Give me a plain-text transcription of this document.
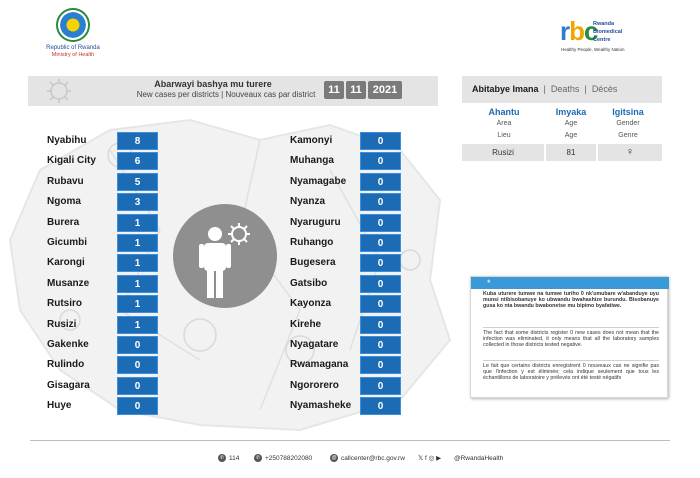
Republic of Rwanda
Ministry of Health
rbc
Rwanda
Biomedical
Centre
Healthy People, Wealthy Nation
Abarwayi bashya mu turere
New cases per districts | Nouveaux cas par district	11 11 2021	Abitabye Imana | Deaths | Décès
Ahantu
Area
Lieu
Imyaka
Age
Age
Igitsina
Gender
Genre
Rusizi	81	♀
Nyabihu	8
Kigali City	6
Rubavu	5
Ngoma	3
Burera	1
Gicumbi	1
Karongi	1
Musanze	1
Rutsiro	1
Rusizi	1
Gakenke	0
Rulindo	0
Gisagara	0
Huye	0
Kamonyi	0
Muhanga	0
Nyamagabe	0
Nyanza	0
Nyaruguru	0
Ruhango	0
Bugesera	0
Gatsibo	0
Kayonza	0
Kirehe	0
Nyagatare	0
Rwamagana	0
Ngororero	0
Nyamasheke	0
*

Kuba uturere tumwe na tumwe turiho 0 nk'umubare w'abanduye uyu munsi ntibisobanuye ko ubwandu bwahashize burundu. Bisobanuye gusa ko nta bwandu bwabonetse mu bipimo byafatiwe.

The fact that some districts register 0 new cases does not mean that the infection was eliminated, it only means that all the laboratory samples collected in those districts tested negative.

Le fait que certains districts enregistrent 0 nouveaux cas ne signifie pas que l'infection y est éliminée; cela indique seulement que tous les échantillons de laboratoire y prélevés ont été testé négatifs

✆ 114	✆ +250788202080	@ callcenter@rbc.gov.rw 𝕏 f ◎ ▶ @RwandaHealth
